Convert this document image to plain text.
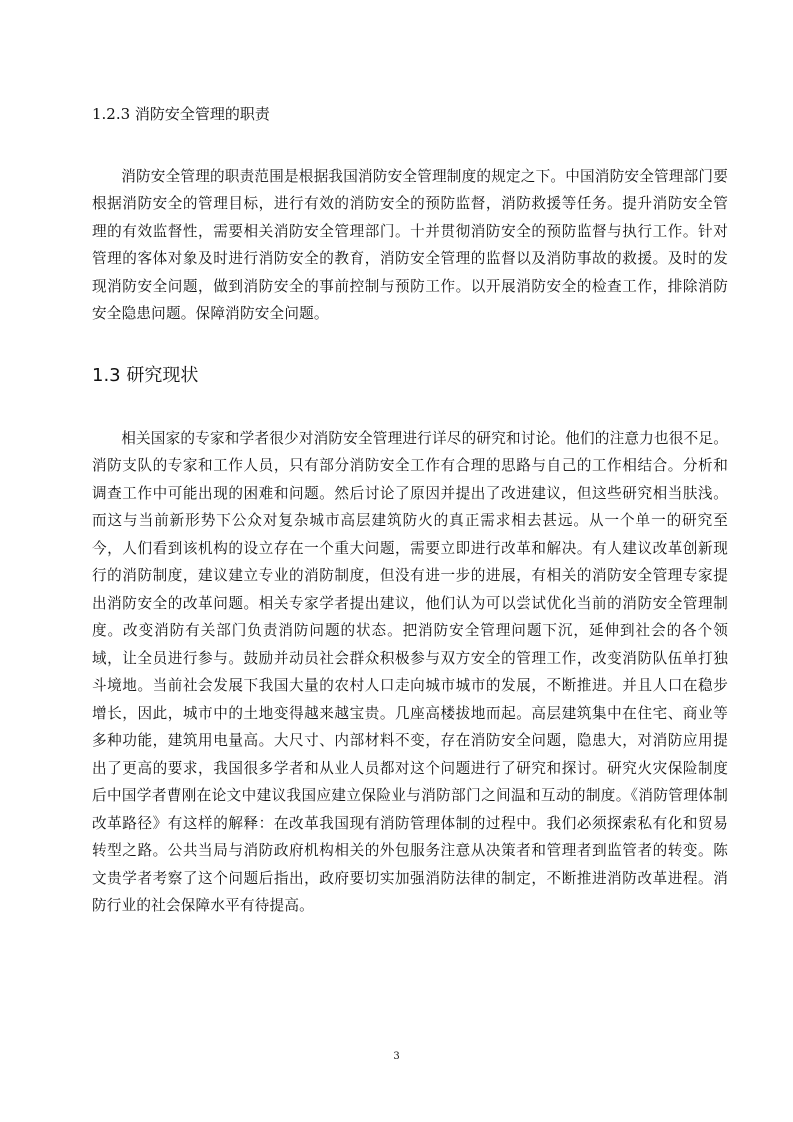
1.2.3 消防安全管理的职责

消防安全管理的职责范围是根据我国消防安全管理制度的规定之下。中国消防安全管理部门要根据消防安全的管理目标，进行有效的消防安全的预防监督，消防救援等任务。提升消防安全管理的有效监督性，需要相关消防安全管理部门。十并贯彻消防安全的预防监督与执行工作。针对管理的客体对象及时进行消防安全的教育，消防安全管理的监督以及消防事故的救援。及时的发现消防安全问题，做到消防安全的事前控制与预防工作。以开展消防安全的检查工作，排除消防安全隐患问题。保障消防安全问题。

1.3 研究现状

相关国家的专家和学者很少对消防安全管理进行详尽的研究和讨论。他们的注意力也很不足。消防支队的专家和工作人员，只有部分消防安全工作有合理的思路与自己的工作相结合。分析和调查工作中可能出现的困难和问题。然后讨论了原因并提出了改进建议，但这些研究相当肤浅。而这与当前新形势下公众对复杂城市高层建筑防火的真正需求相去甚远。从一个单一的研究至今，人们看到该机构的设立存在一个重大问题，需要立即进行改革和解决。有人建议改革创新现行的消防制度，建议建立专业的消防制度，但没有进一步的进展，有相关的消防安全管理专家提出消防安全的改革问题。相关专家学者提出建议，他们认为可以尝试优化当前的消防安全管理制度。改变消防有关部门负责消防问题的状态。把消防安全管理问题下沉，延伸到社会的各个领域，让全员进行参与。鼓励并动员社会群众积极参与双方安全的管理工作，改变消防队伍单打独斗境地。当前社会发展下我国大量的农村人口走向城市城市的发展，不断推进。并且人口在稳步增长，因此，城市中的土地变得越来越宝贵。几座高楼拔地而起。高层建筑集中在住宅、商业等多种功能，建筑用电量高。大尺寸、内部材料不变，存在消防安全问题，隐患大，对消防应用提出了更高的要求，我国很多学者和从业人员都对这个问题进行了研究和探讨。研究火灾保险制度后中国学者曹刚在论文中建议我国应建立保险业与消防部门之间温和互动的制度。《消防管理体制改革路径》有这样的解释：在改革我国现有消防管理体制的过程中。我们必须探索私有化和贸易转型之路。公共当局与消防政府机构相关的外包服务注意从决策者和管理者到监管者的转变。陈文贵学者考察了这个问题后指出，政府要切实加强消防法律的制定，不断推进消防改革进程。消防行业的社会保障水平有待提高。

3
